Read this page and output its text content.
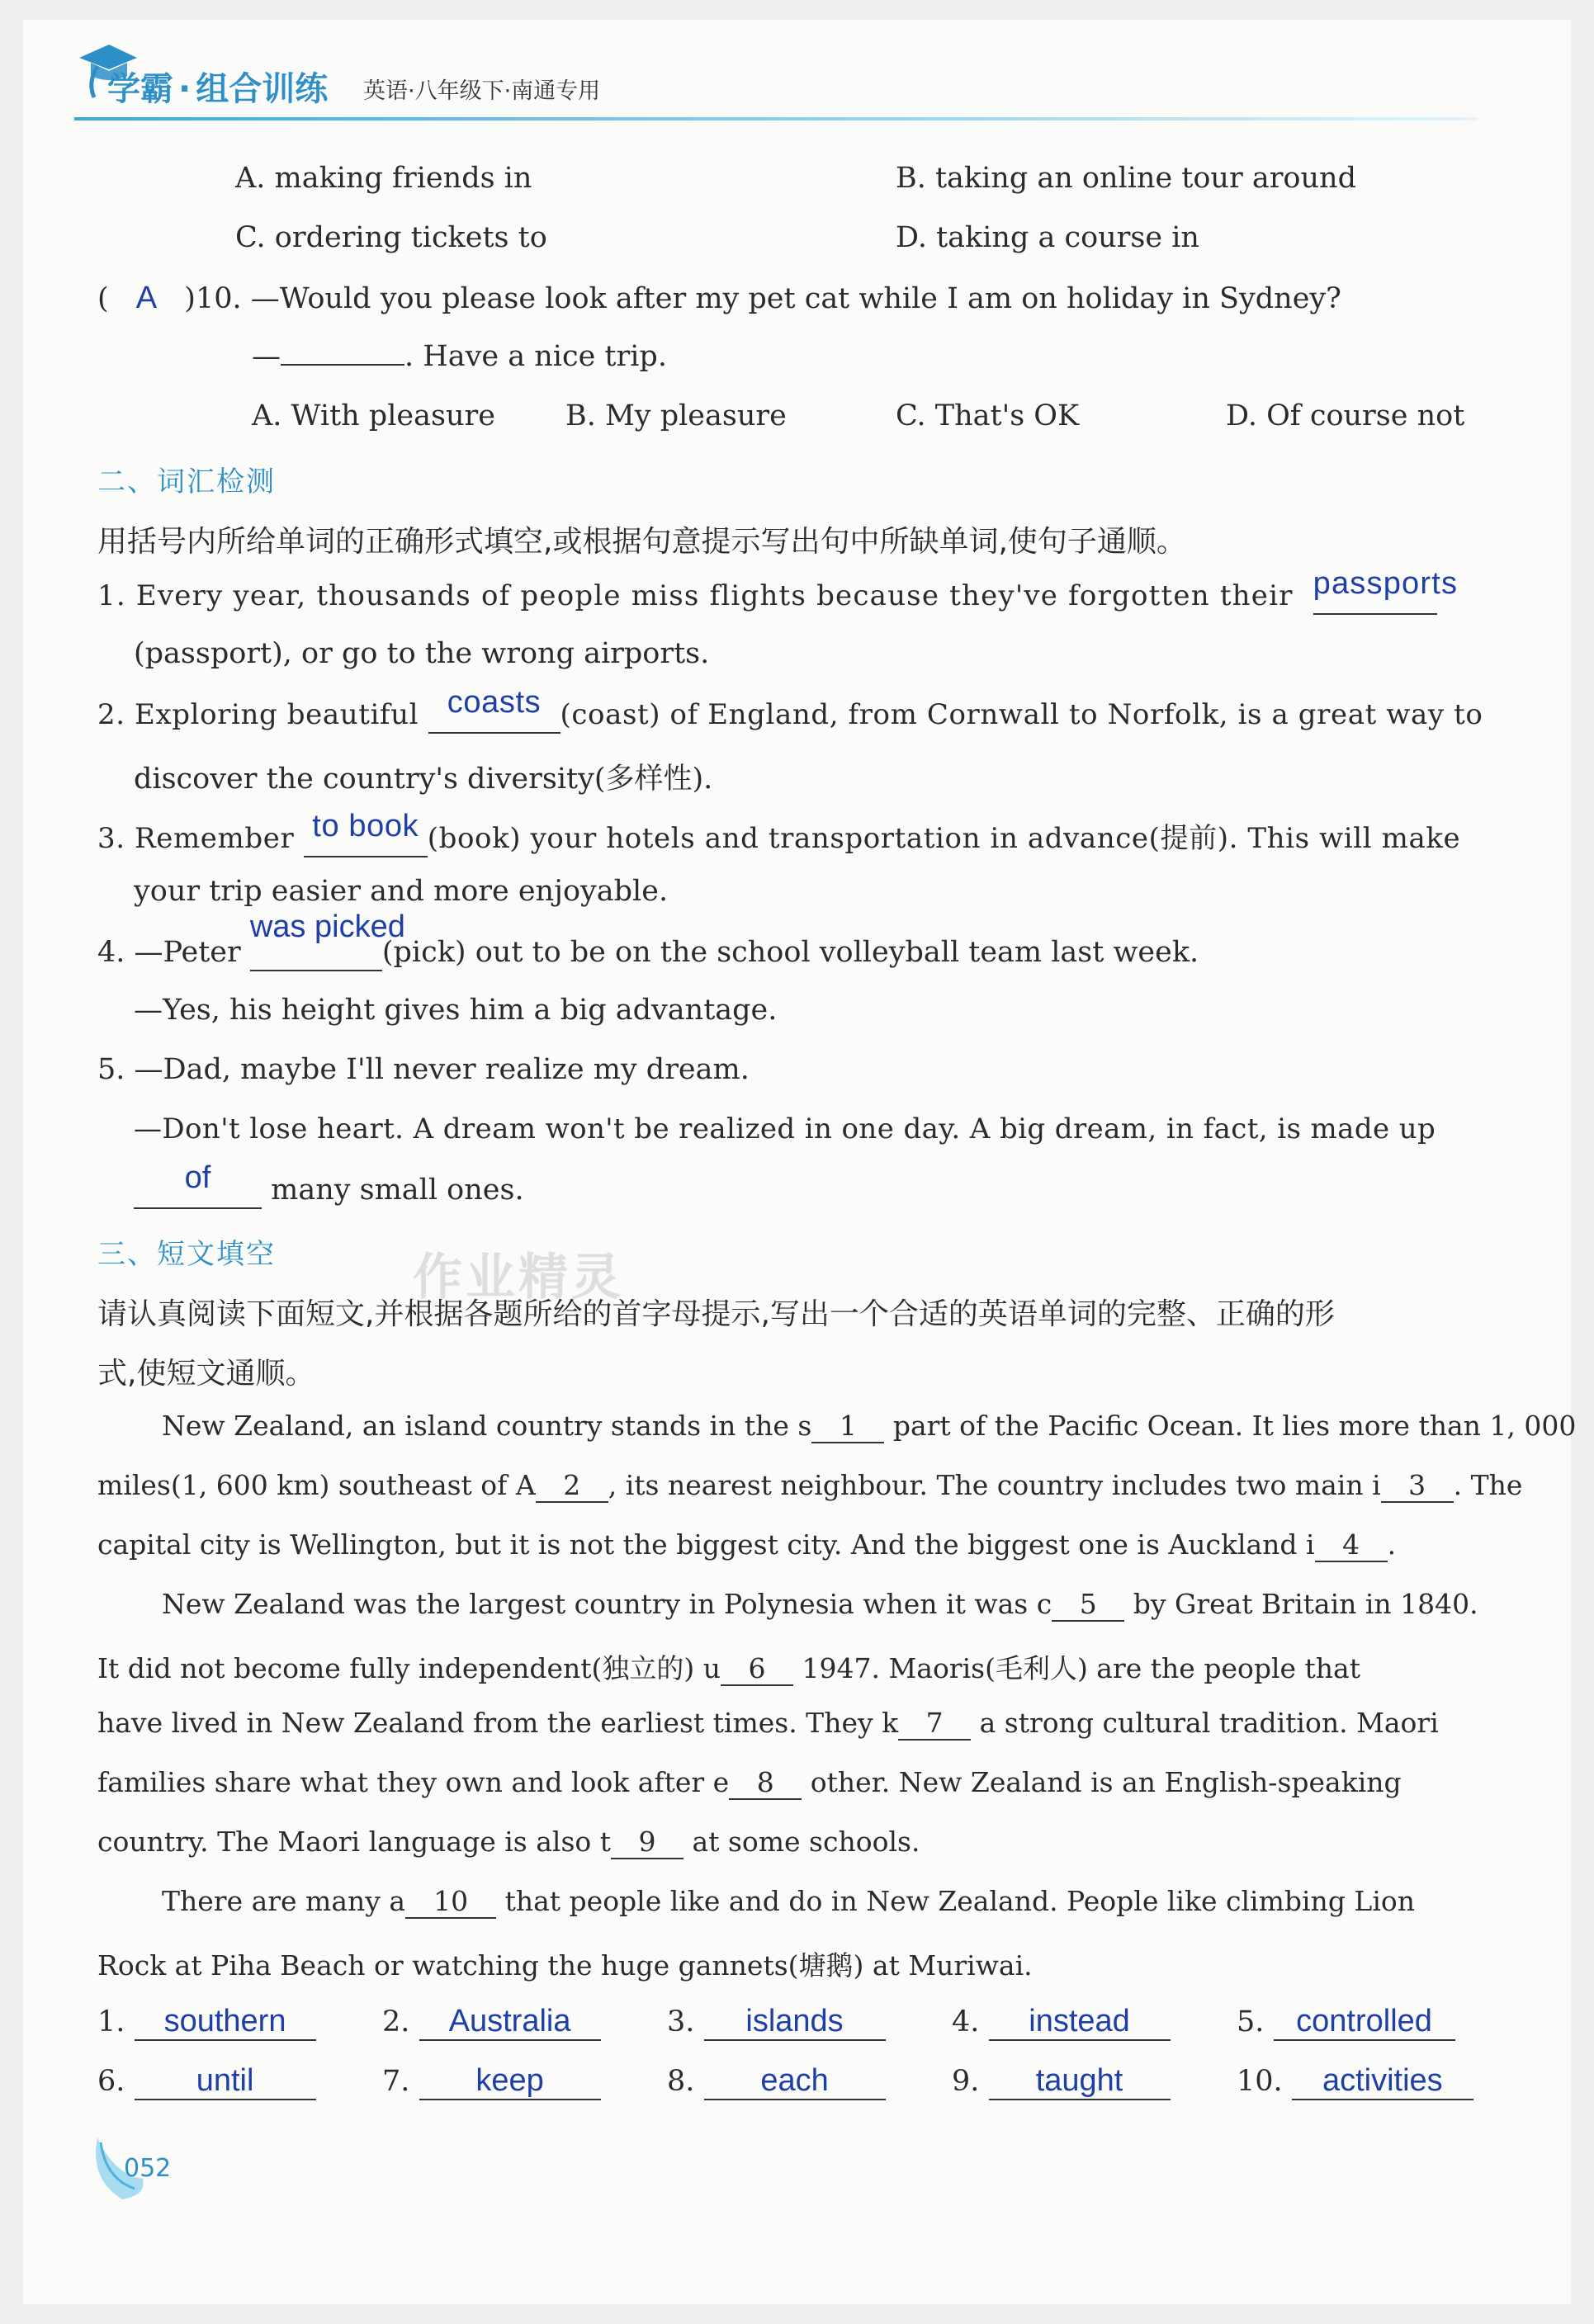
学霸 · 组合训练 英语·八年级下·南通专用
A. making friends in	B. taking an online tour around
C. ordering tickets to	D. taking a course in
( A )10. —Would you please look after my pet cat while I am on holiday in Sydney?
—	. Have a nice trip.
A. With pleasure B. My pleasure	C. That's OK	D. Of course not
二、词汇检测
用括号内所给单词的正确形式填空,或根据句意提示写出句中所缺单词,使句子通顺。
1. Every year, thousands of people miss flights because they've forgotten their passports
(passport), or go to the wrong airports.
2. Exploring beautiful coasts (coast) of England, from Cornwall to Norfolk, is a great way to
discover the country's diversity(多样性).
3. Remember to book (book) your hotels and transportation in advance(提前). This will make
your trip easier and more enjoyable.
4. —Peter was picked(pick) out to be on the school volleyball team last week.
—Yes, his height gives him a big advantage.
5. —Dad, maybe I'll never realize my dream.
—Don't lose heart. A dream won't be realized in one day. A big dream, in fact, is made up
of many small ones.
三、短文填空	作业精灵
请认真阅读下面短文,并根据各题所给的首字母提示,写出一个合适的英语单词的完整、正确的形
式,使短文通顺。
New Zealand, an island country stands in the s 1 part of the Pacific Ocean. It lies more than 1, 000
miles(1, 600 km) southeast of A 2 , its nearest neighbour. The country includes two main i 3 . The
capital city is Wellington, but it is not the biggest city. And the biggest one is Auckland i 4 .
New Zealand was the largest country in Polynesia when it was c 5 by Great Britain in 1840.
It did not become fully independent(独立的) u 6 1947. Maoris(毛利人) are the people that
have lived in New Zealand from the earliest times. They k 7 a strong cultural tradition. Maori
families share what they own and look after e 8 other. New Zealand is an English-speaking
country. The Maori language is also t 9 at some schools.
There are many a 10 that people like and do in New Zealand. People like climbing Lion
Rock at Piha Beach or watching the huge gannets(塘鹅) at Muriwai.
1. southern	2. Australia	3. islands	4. instead	5. controlled
6. until	7. keep	8. each	9. taught	10. activities
052
